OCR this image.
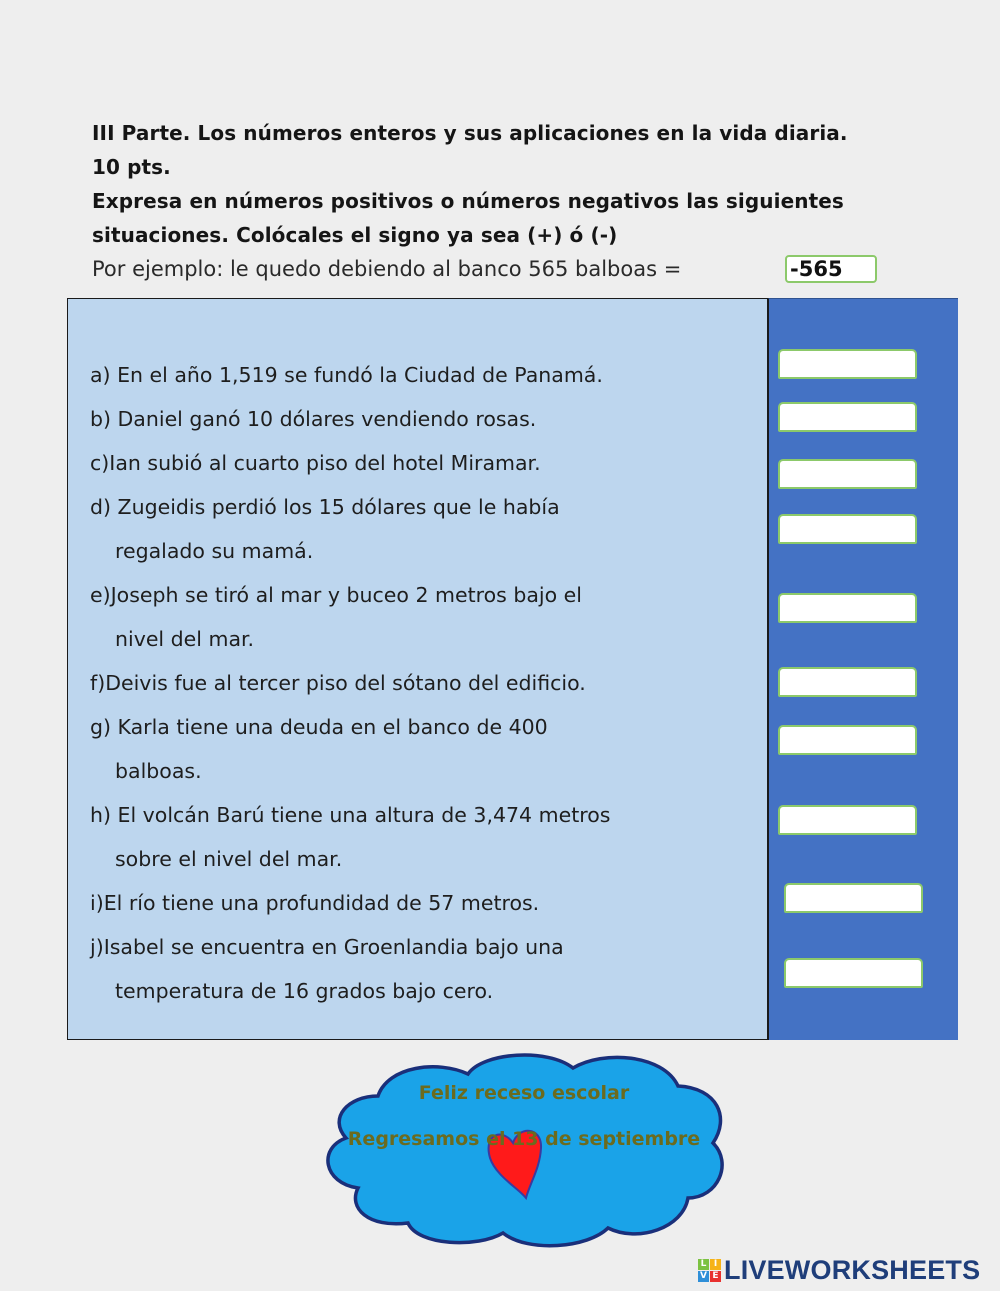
III Parte. Los números enteros y sus aplicaciones en la vida diaria.
10 pts.
Expresa en números positivos o números negativos las siguientes
situaciones. Colócales el signo ya sea (+) ó (-)
Por ejemplo: le quedo debiendo al banco 565 balboas =	-565
a) En el año 1,519 se fundó la Ciudad de Panamá.
b) Daniel ganó 10 dólares vendiendo rosas.
c)Ian subió al cuarto piso del hotel Miramar.
d) Zugeidis perdió los 15 dólares que le había
regalado su mamá.
e)Joseph se tiró al mar y buceo 2 metros bajo el
nivel del mar.
f)Deivis fue al tercer piso del sótano del edificio.
g) Karla tiene una deuda en el banco de 400
balboas.
h) El volcán Barú tiene una altura de 3,474 metros
sobre el nivel del mar.
i)El río tiene una profundidad de 57 metros.
j)Isabel se encuentra en Groenlandia bajo una
temperatura de 16 grados bajo cero.
Feliz receso escolar
Regresamos el 13 de septiembre
L I
V E LIVEWORKSHEETS
